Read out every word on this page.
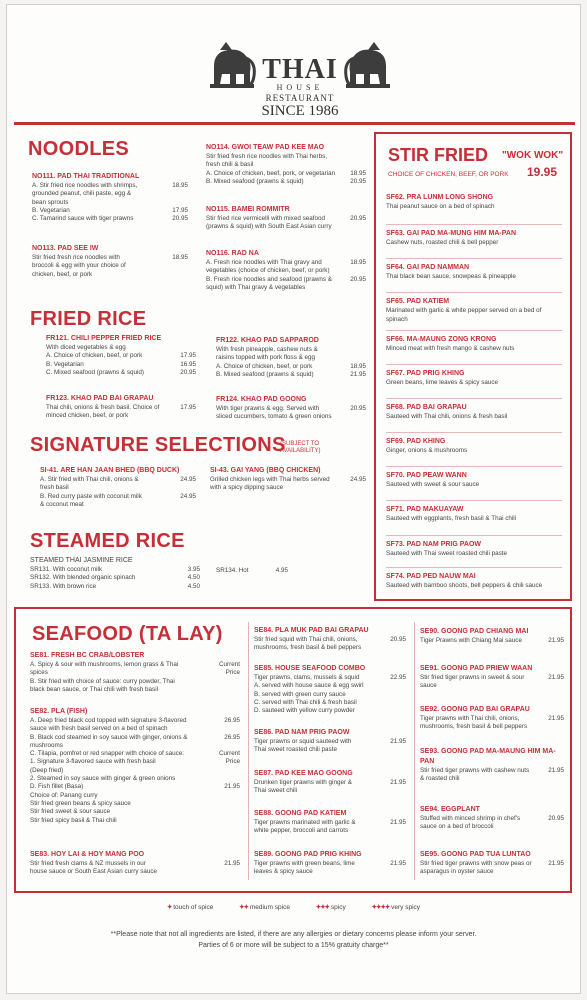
THAI
HOUSE
RESTAURANT
SINCE 1986
NOODLES
NO111. PAD THAI TRADITIONAL
A. Stir fried rice noodles with shrimps,	18.95
grounded peanut, chili paste, egg &
bean sprouts
B. Vegetarian	17.95
C. Tamarind sauce with tiger prawns	20.95
NO113. PAD SEE IW
Stir fried fresh rice noodles with	18.95
broccoli & egg with your choice of
chicken, beef, or pork
NO114. GWOI TEAW PAD KEE MAO
Stir fried fresh rice noodles with Thai herbs,
fresh chili & basil
A. Choice of chicken, beef, pork, or vegetarian 18.95
B. Mixed seafood (prawns & squid)	20.95
NO115. BAMEI ROMMITR
Stir fried rice vermicelli with mixed seafood	20.95
(prawns & squid) with South East Asian curry
NO116. RAD NA
A. Fresh rice noodles with Thai gravy and	18.95
vegetables (choice of chicken, beef, or pork)
B. Fresh rice noodles and seafood (prawns &	20.95
squid) with Thai gravy & vegetables
FRIED RICE
FR121. CHILI PEPPER FRIED RICE
With diced vegetables & egg
A. Choice of chicken, beef, or pork	17.95
B. Vegetarian	16.95
C. Mixed seafood (prawns & squid)	20.95
FR123. KHAO PAD BAI GRAPAU
Thai chili, onions & fresh basil. Choice of	17.95
minced chicken, beef, or pork
FR122. KHAO PAD SAPPAROD
With fresh pineapple, cashew nuts &
raisins topped with pork floss & egg
A. Choice of chicken, beef, or pork	18.95
B. Mixed seafood (prawns & squid)	21.95
FR124. KHAO PAD GOONG
With tiger prawns & egg. Served with	20.95
sliced cucumbers, tomato & green onions
SIGNATURE SELECTIONS
(SUBJECT TO AVAILABILITY)
SI-41. ARE HAN JAAN BHED (BBQ DUCK)
A. Stir fried with Thai chili, onions &	24.95
fresh basil
B. Red curry paste with coconut milk	24.95
& coconut meat
SI-43. GAI YANG (BBQ CHICKEN)
Grilled chicken legs with Thai herbs served	24.95
with a spicy dipping sauce
STEAMED RICE
STEAMED THAI JASMINE RICE
SR131. With coconut milk	3.95
SR132. With blended organic spinach	4.50
SR133. With brown rice	4.50
SR134. Hot	4.95
STIR FRIED "WOK WOK"
CHOICE OF CHICKEN, BEEF, OR PORK 19.95
SF62. PRA LUNM LONG SHONG
Thai peanut sauce on a bed of spinach
SF63. GAI PAD MA-MUNG HIM MA-PAN
Cashew nuts, roasted chili & bell pepper
SF64. GAI PAD NAMMAN
Thai black bean sauce, snowpeas & pineapple
SF65. PAD KATIEM
Marinated with garlic & white pepper served on a bed of spinach
SF66. MA-MAUNG ZONG KRONG
Minced meat with fresh mango & cashew nuts
SF67. PAD PRIG KHING
Green beans, lime leaves & spicy sauce
SF68. PAD BAI GRAPAU
Sauteed with Thai chili, onions & fresh basil
SF69. PAD KHING
Ginger, onions & mushrooms
SF70. PAD PEAW WANN
Sauteed with sweet & sour sauce
SF71. PAD MAKUAYAW
Sauteed with eggplants, fresh basil & Thai chili
SF73. PAD NAM PRIG PAOW
Sauteed with Thai sweet roasted chili paste
SF74. PAD PED NAUW MAI
Sauteed with bamboo shoots, bell peppers & chili sauce
SEAFOOD (TA LAY)
SE81. FRESH BC CRAB/LOBSTER
A. Spicy & sour with mushrooms, lemon grass & Thai	Current
spices	Price
B. Stir fried with choice of sauce: curry powder, Thai
black bean sauce, or Thai chili with fresh basil
SE82. PLA (FISH)
A. Deep fried black cod topped with signature 3-flavored	26.95
sauce with fresh basil served on a bed of spinach
B. Black cod steamed in soy sauce with ginger, onions &	26.95
mushrooms
C. Tilapia, pomfret or red snapper with choice of sauce:	Current
1. Signature 3-flavored sauce with fresh basil	Price
(Deep fried)
2. Steamed in soy sauce with ginger & green onions
D. Fish fillet (Basa)	21.95
Choice of: Panang curry
Stir fried green beans & spicy sauce
Stir fried sweet & sour sauce
Stir fried spicy basil & Thai chili
SE83. HOY LAI & HOY MANG POO
Stir fried fresh clams & NZ mussels in our	21.95
house sauce or South East Asian curry sauce
SE84. PLA MUK PAD BAI GRAPAU
Stir fried squid with Thai chili, onions,	20.95
mushrooms, fresh basil & bell peppers
SE85. HOUSE SEAFOOD COMBO
Tiger prawns, clams, mussels & squid	22.95
A. served with house sauce & egg swirl
B. served with green curry sauce
C. served with Thai chili & fresh basil
D. sauteed with yellow curry powder
SE86. PAD NAM PRIG PAOW
Tiger prawns or squid sauteed with	21.95
Thai sweet roasted chili paste
SE87. PAD KEE MAO GOONG
Drunken tiger prawns with ginger &	21.95
Thai sweet chili
SE88. GOONG PAD KATIEM
Tiger prawns marinated with garlic &	21.95
white pepper, broccoli and carrots
SE89. GOONG PAD PRIG KHING
Tiger prawns with green beans, lime	21.95
leaves & spicy sauce
SE90. GOONG PAD CHIANG MAI
Tiger Prawns with Chiang Mai sauce	21.95
SE91. GOONG PAD PRIEW WAAN
Stir fried tiger prawns in sweet & sour sauce
21.95
SE92. GOONG PAD BAI GRAPAU
Tiger prawns with Thai chili, onions,	21.95
mushrooms, fresh basil & bell peppers
SE93. GOONG PAD MA-MAUNG HIM MA-PAN
Stir fried tiger prawns with cashew nuts	21.95
& roasted chili
SE94. EGGPLANT
Stuffed with minced shrimp in chef's	20.95
sauce on a bed of broccoli
SE95. GOONG PAD TUA LUNTAO
Stir fried tiger prawns with snow peas or	21.95
asparagus in oyster sauce
✦ touch of spice	✦✦ medium spice	✦✦✦ spicy	✦✦✦✦ very spicy
**Please note that not all ingredients are listed, if there are any allergies or dietary concerns please inform your server.
Parties of 6 or more will be subject to a 15% gratuity charge**
